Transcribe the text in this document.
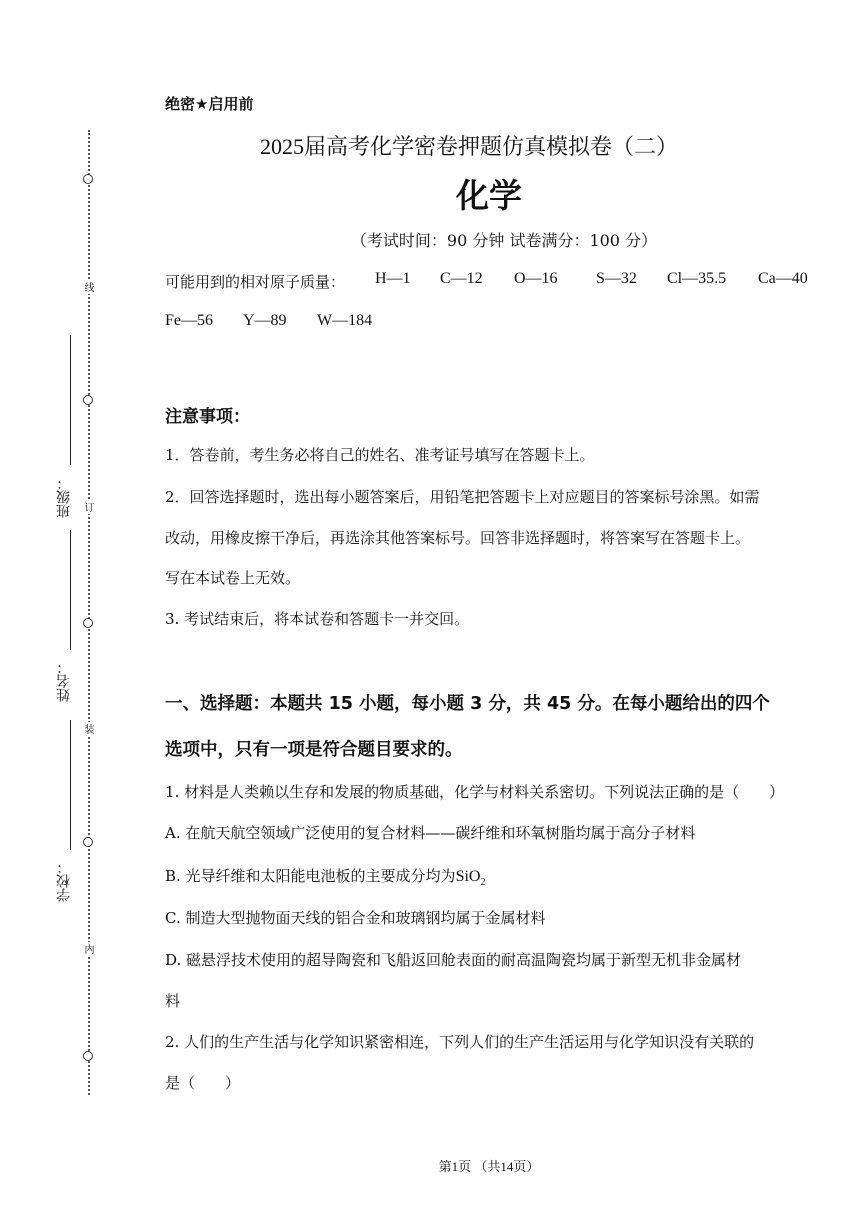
线
订
装
内
班级：
姓名：
学校：
绝密★启用前
2025届高考化学密卷押题仿真模拟卷（二）
化学
（考试时间：90 分钟 试卷满分：100 分）
可能用到的相对原子质量： H—1 C—12 O—16 S—32 Cl—35.5 Ca—40
Fe—56 Y—89 W—184
注意事项：
1．答卷前，考生务必将自己的姓名、准考证号填写在答题卡上。
2．回答选择题时，选出每小题答案后，用铅笔把答题卡上对应题目的答案标号涂黑。如需
改动，用橡皮擦干净后，再选涂其他答案标号。回答非选择题时，将答案写在答题卡上。
写在本试卷上无效。
3. 考试结束后，将本试卷和答题卡一并交回。
一、选择题：本题共 15 小题，每小题 3 分，共 45 分。在每小题给出的四个
选项中，只有一项是符合题目要求的。
1. 材料是人类赖以生存和发展的物质基础，化学与材料关系密切。下列说法正确的是（　　）
A. 在航天航空领域广泛使用的复合材料——碳纤维和环氧树脂均属于高分子材料
B. 光导纤维和太阳能电池板的主要成分均为SiO$_2$
C. 制造大型抛物面天线的铝合金和玻璃钢均属于金属材料
D. 磁悬浮技术使用的超导陶瓷和飞船返回舱表面的耐高温陶瓷均属于新型无机非金属材
料
2. 人们的生产生活与化学知识紧密相连，下列人们的生产生活运用与化学知识没有关联的
是（　　）
第1页 （共14页）
